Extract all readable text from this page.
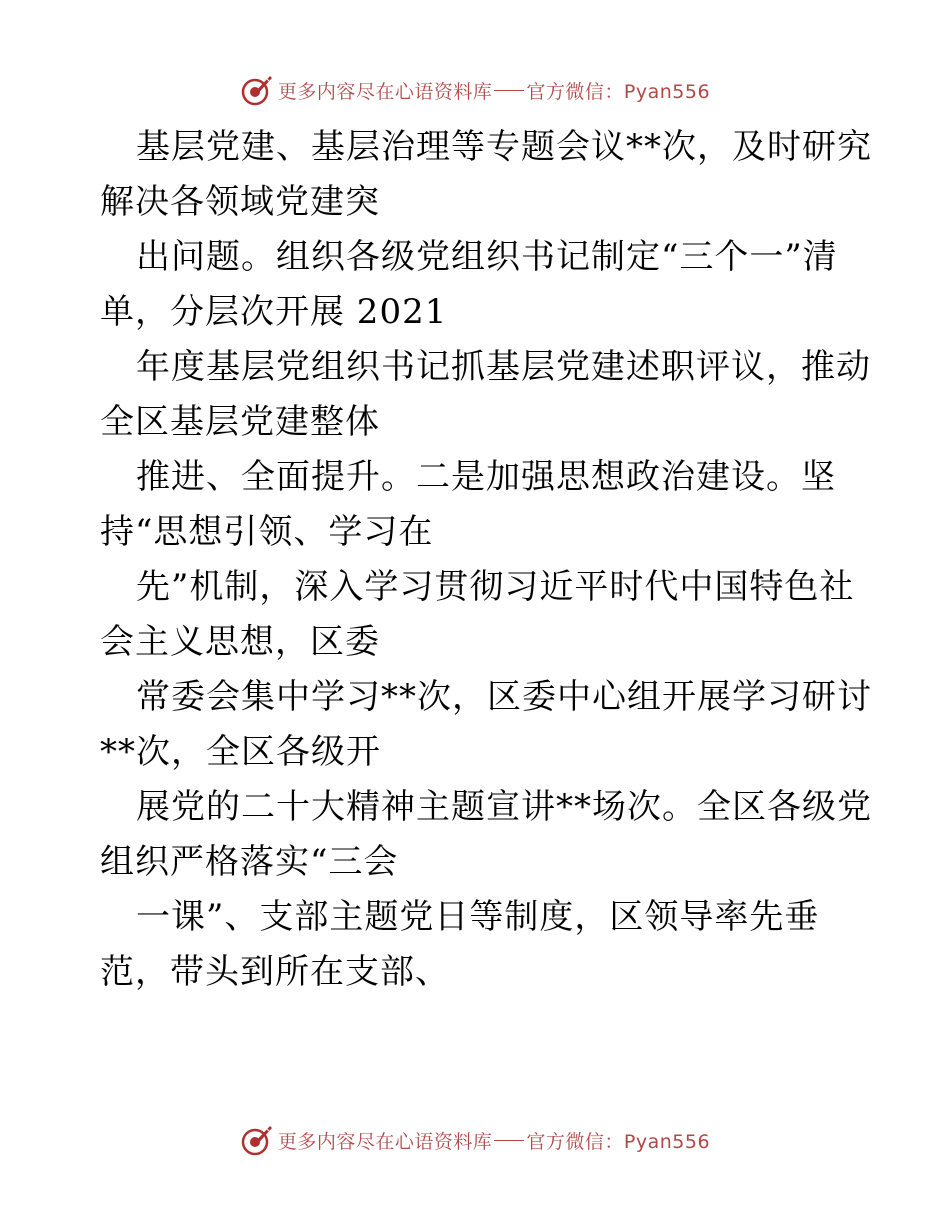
更多内容尽在心语资料库 官方微信：Pyan556

基层党建、基层治理等专题会议**次，及时研究
解决各领域党建突

出问题。组织各级党组织书记制定“三个一”清
单，分层次开展 2021

年度基层党组织书记抓基层党建述职评议，推动
全区基层党建整体

推进、全面提升。二是加强思想政治建设。坚
持“思想引领、学习在

先”机制，深入学习贯彻习近平时代中国特色社
会主义思想，区委

常委会集中学习**次，区委中心组开展学习研讨
**次，全区各级开

展党的二十大精神主题宣讲**场次。全区各级党
组织严格落实“三会

一课”、支部主题党日等制度，区领导率先垂
范，带头到所在支部、

更多内容尽在心语资料库 官方微信：Pyan556
